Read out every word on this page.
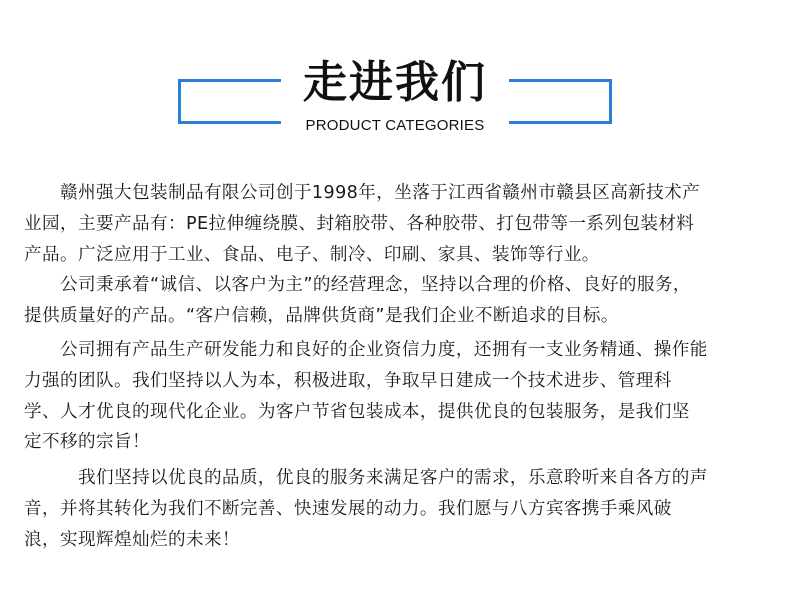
走进我们
PRODUCT CATEGORIES
　　赣州强大包装制品有限公司创于1998年，坐落于江西省赣州市赣县区高新技术产
业园，主要产品有：PE拉伸缠绕膜、封箱胶带、各种胶带、打包带等一系列包装材料
产品。广泛应用于工业、食品、电子、制冷、印刷、家具、装饰等行业。
　　公司秉承着“诚信、以客户为主”的经营理念，坚持以合理的价格、良好的服务，
提供质量好的产品。“客户信赖，品牌供货商”是我们企业不断追求的目标。
　　公司拥有产品生产研发能力和良好的企业资信力度，还拥有一支业务精通、操作能
力强的团队。我们坚持以人为本，积极进取，争取早日建成一个技术进步、管理科
学、人才优良的现代化企业。为客户节省包装成本，提供优良的包装服务，是我们坚
定不移的宗旨！
　　　我们坚持以优良的品质，优良的服务来满足客户的需求，乐意聆听来自各方的声
音，并将其转化为我们不断完善、快速发展的动力。我们愿与八方宾客携手乘风破
浪，实现辉煌灿烂的未来！
